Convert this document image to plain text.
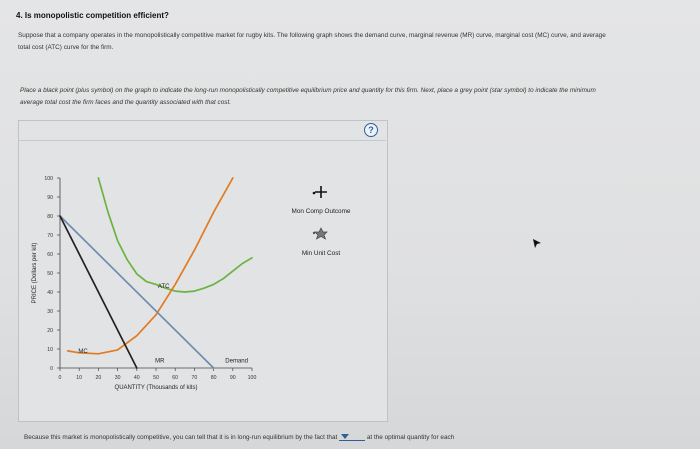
4. Is monopolistic competition efficient?
Suppose that a company operates in the monopolistically competitive market for rugby kits. The following graph shows the demand curve, marginal revenue (MR) curve, marginal cost (MC) curve, and average total cost (ATC) curve for the firm.
Place a black point (plus symbol) on the graph to indicate the long-run monopolistically competitive equilibrium price and quantity for this firm. Next, place a grey point (star symbol) to indicate the minimum average total cost the firm faces and the quantity associated with that cost.
?
0
10
20
30
40
50
60
70
80
90
100
0	10	20	30	40	50	60	70	80	90 100
QUANTITY (Thousands of kits)
PRICE (Dollars per kit)	ATC
MC
MR	Demand
Mon Comp Outcome
Min Unit Cost
Because this market is monopolistically competitive, you can tell that it is in long-run equilibrium by the fact that	at the optimal quantity for each
